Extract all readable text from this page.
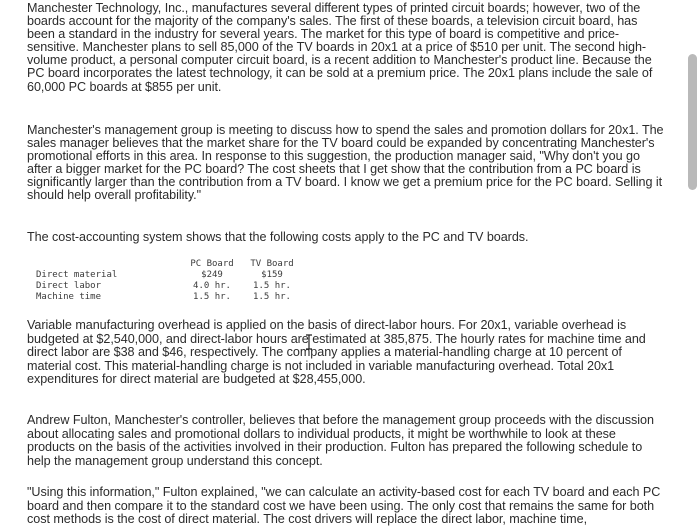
Manchester Technology, Inc., manufactures several different types of printed circuit boards; however, two of the boards account for the majority of the company's sales. The first of these boards, a television circuit board, has been a standard in the industry for several years. The market for this type of board is competitive and price-sensitive. Manchester plans to sell 85,000 of the TV boards in 20x1 at a price of $510 per unit. The second high-volume product, a personal computer circuit board, is a recent addition to Manchester's product line. Because the PC board incorporates the latest technology, it can be sold at a premium price. The 20x1 plans include the sale of 60,000 PC boards at $855 per unit.

Manchester's management group is meeting to discuss how to spend the sales and promotion dollars for 20x1. The sales manager believes that the market share for the TV board could be expanded by concentrating Manchester's promotional efforts in this area. In response to this suggestion, the production manager said, "Why don't you go after a bigger market for the PC board? The cost sheets that I get show that the contribution from a PC board is significantly larger than the contribution from a TV board. I know we get a premium price for the PC board. Selling it should help overall profitability."

The cost-accounting system shows that the following costs apply to the PC and TV boards.

	PC Board	TV Board
Direct material	$249	$159
Direct labor	4.0 hr.	1.5 hr.
Machine time	1.5 hr.	1.5 hr.

Variable manufacturing overhead is applied on the basis of direct-labor hours. For 20x1, variable overhead is budgeted at $2,540,000, and direct-labor hours are estimated at 385,875. The hourly rates for machine time and direct labor are $38 and $46, respectively. The company applies a material-handling charge at 10 percent of material cost. This material-handling charge is not included in variable manufacturing overhead. Total 20x1 expenditures for direct material are budgeted at $28,455,000.

Andrew Fulton, Manchester's controller, believes that before the management group proceeds with the discussion about allocating sales and promotional dollars to individual products, it might be worthwhile to look at these products on the basis of the activities involved in their production. Fulton has prepared the following schedule to help the management group understand this concept.

"Using this information," Fulton explained, "we can calculate an activity-based cost for each TV board and each PC board and then compare it to the standard cost we have been using. The only cost that remains the same for both cost methods is the cost of direct material. The cost drivers will replace the direct labor, machine time,
